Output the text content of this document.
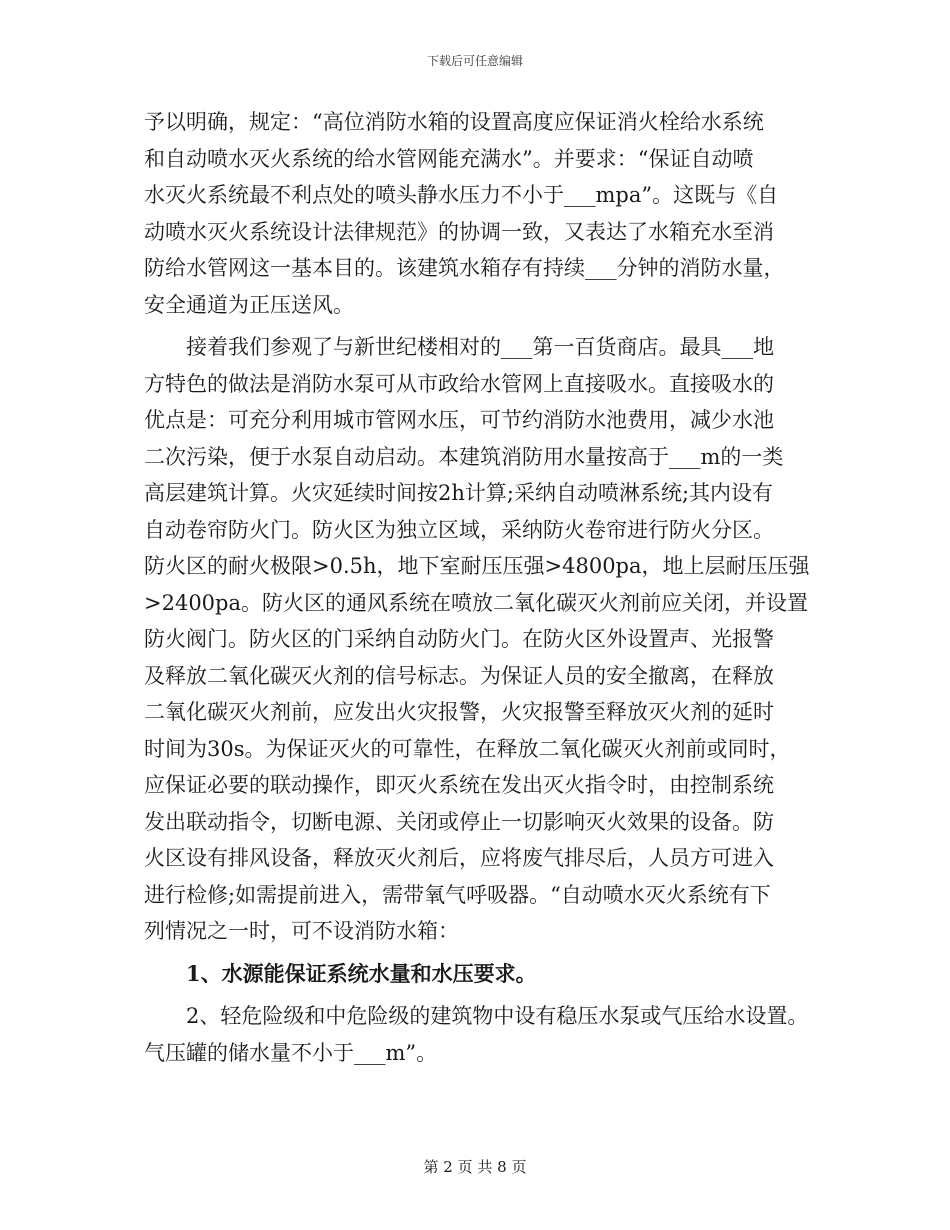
下载后可任意编辑
予以明确，规定：“高位消防水箱的设置高度应保证消火栓给水系统
和自动喷水灭火系统的给水管网能充满水”。并要求：“保证自动喷
水灭火系统最不利点处的喷头静水压力不小于___mpa”。这既与《自
动喷水灭火系统设计法律规范》的协调一致，又表达了水箱充水至消
防给水管网这一基本目的。该建筑水箱存有持续___分钟的消防水量，
安全通道为正压送风。
接着我们参观了与新世纪楼相对的___第一百货商店。最具___地
方特色的做法是消防水泵可从市政给水管网上直接吸水。直接吸水的
优点是：可充分利用城市管网水压，可节约消防水池费用，减少水池
二次污染，便于水泵自动启动。本建筑消防用水量按高于___m的一类
高层建筑计算。火灾延续时间按2h计算;采纳自动喷淋系统;其内设有
自动卷帘防火门。防火区为独立区域，采纳防火卷帘进行防火分区。
防火区的耐火极限>0.5h，地下室耐压压强>4800pa，地上层耐压压强
>2400pa。防火区的通风系统在喷放二氧化碳灭火剂前应关闭，并设置
防火阀门。防火区的门采纳自动防火门。在防火区外设置声、光报警
及释放二氧化碳灭火剂的信号标志。为保证人员的安全撤离，在释放
二氧化碳灭火剂前，应发出火灾报警，火灾报警至释放灭火剂的延时
时间为30s。为保证灭火的可靠性，在释放二氧化碳灭火剂前或同时，
应保证必要的联动操作，即灭火系统在发出灭火指令时，由控制系统
发出联动指令，切断电源、关闭或停止一切影响灭火效果的设备。防
火区设有排风设备，释放灭火剂后，应将废气排尽后，人员方可进入
进行检修;如需提前进入，需带氧气呼吸器。“自动喷水灭火系统有下
列情况之一时，可不设消防水箱：
1、水源能保证系统水量和水压要求。
2、轻危险级和中危险级的建筑物中设有稳压水泵或气压给水设置。
气压罐的储水量不小于___m”。
第 2 页 共 8 页
